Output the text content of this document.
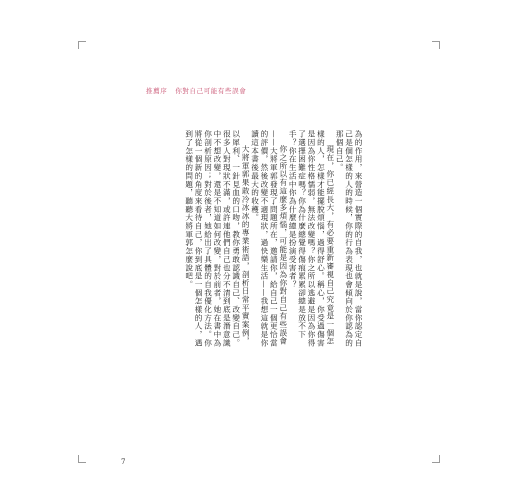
推薦序 你對自己可能有些誤會

為的作用，來營造一個實際的自我，也就是說，當你認定自己是個怎樣的人的時候，你的行為表現也會傾向於你認為的那個自己。

現在，你已經長大，有必要重新審視自己究竟是一個怎樣的人，怎樣才能擺脫煩惱，過得舒心。稱心，你受過傷害是因為你性格懦弱，無法改變嗎？你之所以逃避是因為你得了選擇困難症嗎？你為什麼總覺得傷痕累累卻總是放不下手？你在生活中你為什麼總是扮演受害者？

你之所以有這麼多煩惱，可能是因為你對自己有些誤會——大將軍郭發現了問題所在，邀請你，給自己一個更恰當的評價，然後改變不適現狀，過快樂生活——我想這就是你讀這本書後最大的收穫。

大將軍郭果敢冷冰冰的專業術語，剖析日常平實案例，以犀利、一針見血的口吻，教你勇敢認識自己、改變自己。很多人對現狀不滿，或許連他們自己也分不清到底是潛意識中不想改變，還是不知道如何改變，對於前者，她在書中為你剖析原因；對於後者，她給出了具體的自我優化方法。你將從一個新的角度來看待自己，你到底是一個怎樣的人，遇到了怎樣的問題，聽聽大將軍郭怎麼說吧。

7
